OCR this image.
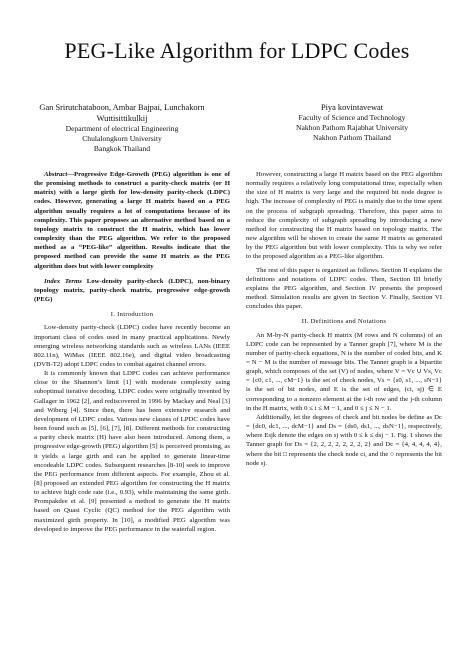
PEG-Like Algorithm for LDPC Codes
Gan Srirutchataboon, Ambar Bajpai, Lunchakorn
Wuttisittikulkij
Department of electrical Engineering
Chulalongkorn University
Bangkok Thailand
Piya kovintavewat
Faculty of Science and Technology
Nakhon Pathom Rajabhat University
Nakhon Pathom Thailand

Abstract—Progressive Edge-Growth (PEG) algorithm is one of the promising methods to construct a parity-check matrix (or H matrix) with a large girth for low-density parity-check (LDPC) codes. However, generating a large H matrix based on a PEG algorithm usually requires a lot of computations because of its complexity. This paper proposes an alternative method based on a topology matrix to construct the H matrix, which has lower complexity than the PEG algorithm. We refer to the proposed method as a “PEG-like” algorithm. Results indicate that the proposed method can provide the same H matrix as the PEG algorithm does but with lower complexity

Index Terms Low-density parity-check (LDPC), non-binary topology matrix, parity-check matrix, progressive edge-growth (PEG)

I. Introduction

Low-density parity-check (LDPC) codes have recently become an important class of codes used in many practical applications. Newly emerging wireless networking standards such as wireless LANs (IEEE 802.11n), WiMax (IEEE 802.16e), and digital video broadcasting (DVB-T2) adopt LDPC codes to combat against channel errors.

It is commonly known that LDPC codes can achieve performance close to the Shannon’s limit [1] with moderate complexity using suboptimal iterative decoding. LDPC codes were originally invented by Gallager in 1962 [2], and rediscovered in 1996 by Mackay and Neal [3] and Wiberg [4]. Since then, there has been extensive research and development of LDPC codes. Various new classes of LPDC codes have been found such as [5], [6], [7], [8]. Different methods for constructing a parity check matrix (H) have also been introduced. Among them, a progressive edge-growth (PEG) algorithm [5] is perceived promising, as it yields a large girth and can be applied to generate linear-time encodeable LDPC codes. Subsequent researches [8-10] seek to improve the PEG performance from different aspects. For example, Zhou et al. [8] proposed an extended PEG algorithm for constructing the H matrix to achieve high code rate (i.e., 0.93), while maintaining the same girth. Prompakdee et al. [9] presented a method to generate the H matrix based on Quasi Cyclic (QC) method for the PEG algorithm with maximized girth property. In [10], a modified PEG algorithm was developed to improve the PEG performance in the waterfall region.

However, constructing a large H matrix based on the PEG algorithm normally requires a relatively long computational time, especially when the size of H matrix is very large and the required bit node degree is high. The increase of complexity of PEG is mainly due to the time spent on the process of subgraph spreading. Therefore, this paper aims to reduce the complexity of subgraph spreading by introducing a new method for constructing the H matrix based on topology matrix. The new algorithm will be shown to create the same H matrix as generated by the PEG algorithm but with lower complexity. This is why we refer to the proposed algorithm as a PEG-like algorithm.

The rest of this paper is organized as follows. Section II explains the definitions and notations of LDPC codes. Then, Section III briefly explains the PEG algorithm, and Section IV presents the proposed method. Simulation results are given in Section V. Finally, Section VI concludes this paper.

II. Definitions and Notations

An M-by-N parity-check H matrix (M rows and N columns) of an LDPC code can be represented by a Tanner graph [7], where M is the number of parity-check equations, N is the number of coded bits, and K = N − M is the number of message bits. The Tanner graph is a bipartite graph, which composes of the set (V) of nodes, where V = Vc ∪ Vs, Vc = {c0, c1, ..., cM−1} is the set of check nodes, Vs = {s0, s1, ..., sN−1} is the set of bit nodes, and E is the set of edges, (ci, sj) ∈ E corresponding to a nonzero element at the i-th row and the j-th column in the H matrix, with 0 ≤ i ≤ M − 1, and 0 ≤ j ≤ N − 1.

Additionally, let the degrees of check and bit nodes be define as Dc = {dc0, dc1, ..., dcM−1} and Ds = {ds0, ds1, ..., dsN−1}, respectively, where Esjk denote the edges on sj with 0 ≤ k ≤ dsj − 1. Fig. 1 shows the Tanner graph for Ds = {2, 2, 2, 2, 2, 2, 2, 2} and Dc = {4, 4, 4, 4, 4}, where the bit □ represents the check node ci, and the ○ represents the bit node sj.
